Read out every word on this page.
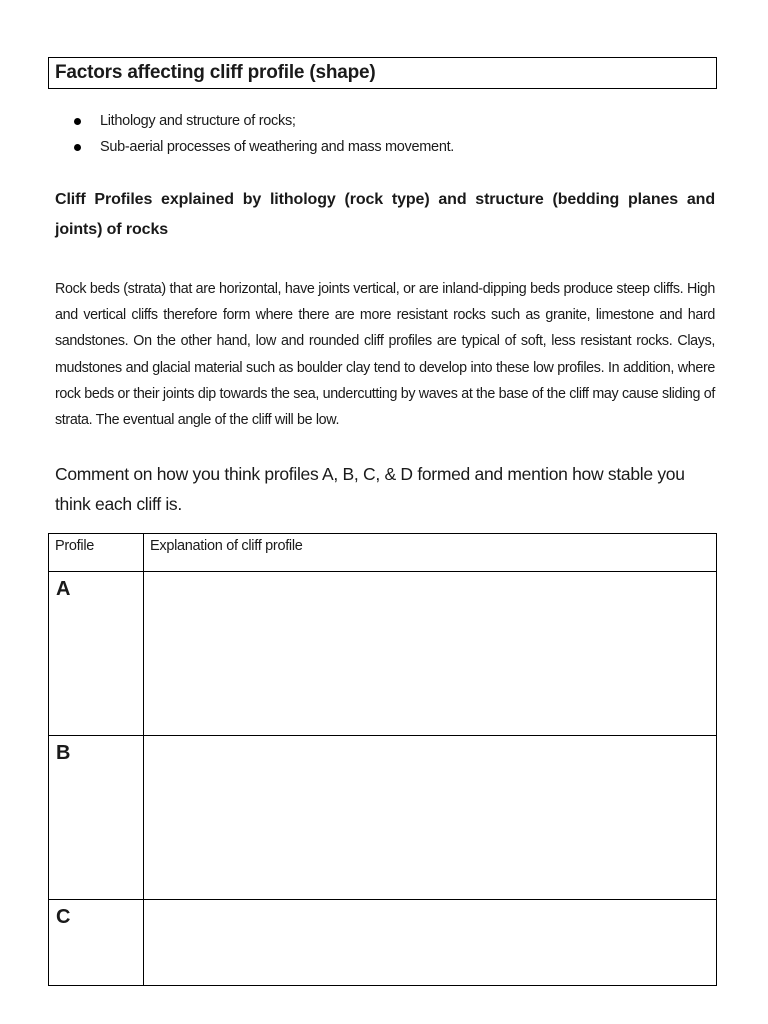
Factors affecting cliff profile (shape)
Lithology and structure of rocks;
Sub-aerial processes of weathering and mass movement.
Cliff Profiles explained by lithology (rock type) and structure (bedding planes and joints) of rocks
Rock beds (strata) that are horizontal, have joints vertical, or are inland-dipping beds produce steep cliffs. High and vertical cliffs therefore form where there are more resistant rocks such as granite, limestone and hard sandstones. On the other hand, low and rounded cliff profiles are typical of soft, less resistant rocks. Clays, mudstones and glacial material such as boulder clay tend to develop into these low profiles. In addition, where rock beds or their joints dip towards the sea, undercutting by waves at the base of the cliff may cause sliding of strata. The eventual angle of the cliff will be low.
Comment on how you think profiles A, B, C, & D formed and mention how stable you think each cliff is.
Profile	Explanation of cliff profile
A	
B	
C	
